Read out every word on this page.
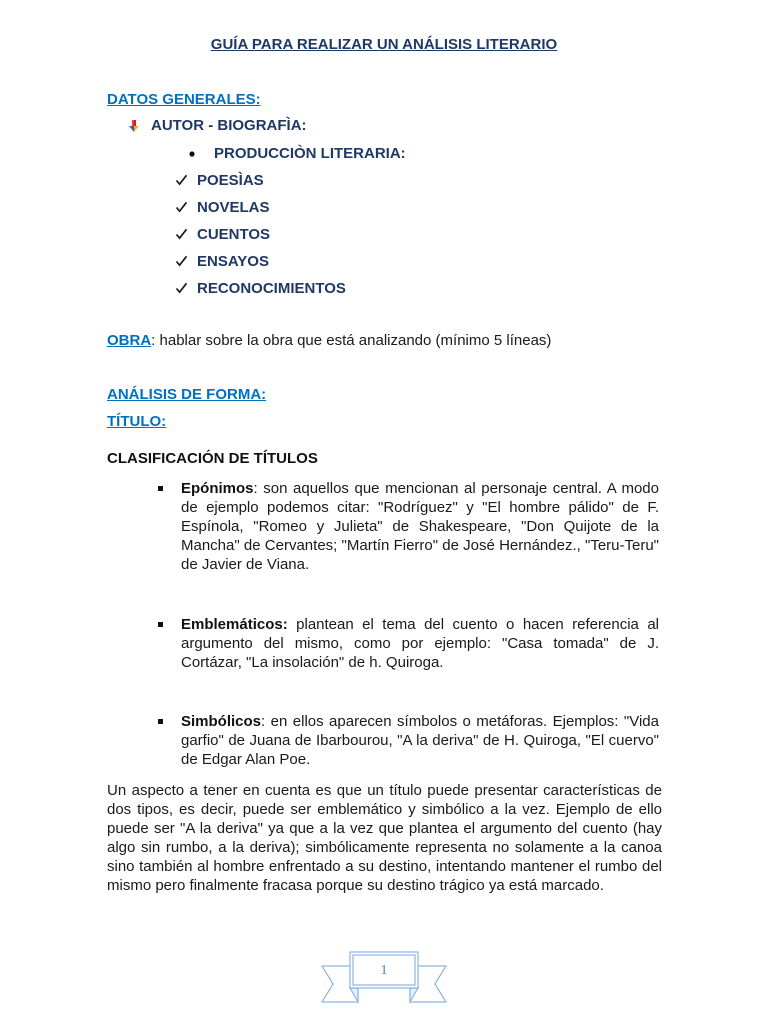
GUÍA PARA REALIZAR UN ANÁLISIS LITERARIO
DATOS GENERALES:
AUTOR - BIOGRAFÌA:
PRODUCCIÒN LITERARIA:
POESÌAS
NOVELAS
CUENTOS
ENSAYOS
RECONOCIMIENTOS
OBRA: hablar sobre la obra que está analizando (mínimo 5 líneas)
ANÁLISIS DE FORMA:
TÍTULO:
CLASIFICACIÓN DE TÍTULOS
Epónimos: son aquellos que mencionan al personaje central. A modo de ejemplo podemos citar: "Rodríguez" y "El hombre pálido" de F. Espínola, "Romeo y Julieta" de Shakespeare, "Don Quijote de la Mancha" de Cervantes; "Martín Fierro" de José Hernández., "Teru-Teru" de Javier de Viana.
Emblemáticos: plantean el tema del cuento o hacen referencia al argumento del mismo, como por ejemplo: "Casa tomada" de J. Cortázar, "La insolación" de h. Quiroga.
Simbólicos: en ellos aparecen símbolos o metáforas. Ejemplos: "Vida garfio" de Juana de Ibarbourou, "A la deriva" de H. Quiroga, "El cuervo" de Edgar Alan Poe.
Un aspecto a tener en cuenta es que un título puede presentar características de dos tipos, es decir, puede ser emblemático y simbólico a la vez. Ejemplo de ello puede ser "A la deriva" ya que a la vez que plantea el argumento del cuento (hay algo sin rumbo, a la deriva); simbólicamente representa no solamente a la canoa sino también al hombre enfrentado a su destino, intentando mantener el rumbo del mismo pero finalmente fracasa porque su destino trágico ya está marcado.
1
